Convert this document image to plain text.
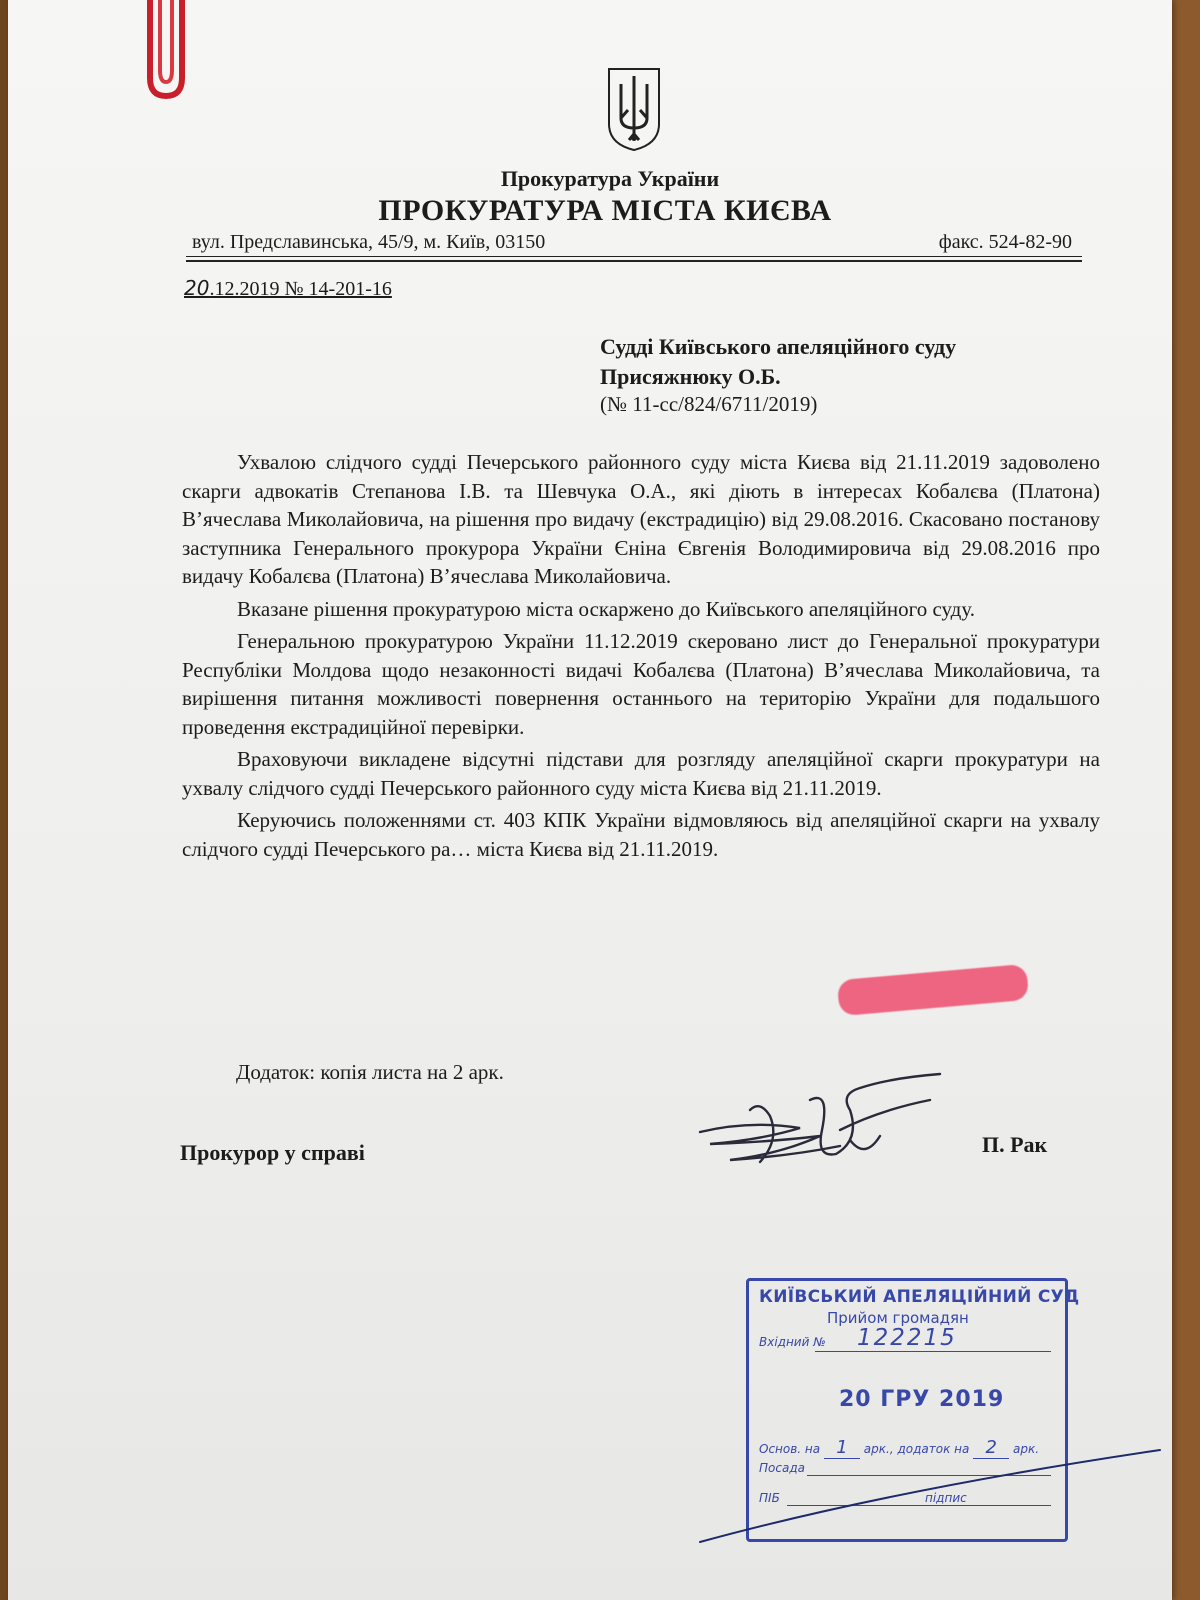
Прокуратура України
ПРОКУРАТУРА МІСТА КИЄВА
вул. Предславинська, 45/9, м. Київ, 03150	факс. 524-82-90
20.12.2019 № 14-201-16
Судді Київського апеляційного суду
Присяжнюку О.Б.
(№ 11-сс/824/6711/2019)

Ухвалою слідчого судді Печерського районного суду міста Києва від 21.11.2019 задоволено скарги адвокатів Степанова І.В. та Шевчука О.А., які діють в інтересах Кобалєва (Платона) В’ячеслава Миколайовича, на рішення про видачу (екстрадицію) від 29.08.2016. Скасовано постанову заступника Генерального прокурора України Єніна Євгенія Володимировича від 29.08.2016 про видачу Кобалєва (Платона) В’ячеслава Миколайовича.

Вказане рішення прокуратурою міста оскаржено до Київського апеляційного суду.

Генеральною прокуратурою України 11.12.2019 скеровано лист до Генеральної прокуратури Республіки Молдова щодо незаконності видачі Кобалєва (Платона) В’ячеслава Миколайовича, та вирішення питання можливості повернення останнього на територію України для подальшого проведення екстрадиційної перевірки.

Враховуючи викладене відсутні підстави для розгляду апеляційної скарги прокуратури на ухвалу слідчого судді Печерського районного суду міста Києва від 21.11.2019.

Керуючись положеннями ст. 403 КПК України відмовляюсь від апеляційної скарги на ухвалу слідчого судді Печерського ра… міста Києва від 21.11.2019.

Додаток: копія листа на 2 арк.
Прокурор у справі	П. Рак
КИЇВСЬКИЙ АПЕЛЯЦІЙНИЙ СУД
Прийом громадян
Вхідний № 122215
20 ГРУ 2019
Основ. на 1 арк., додаток на 2 арк.
Посада
ПІБ	підпис
